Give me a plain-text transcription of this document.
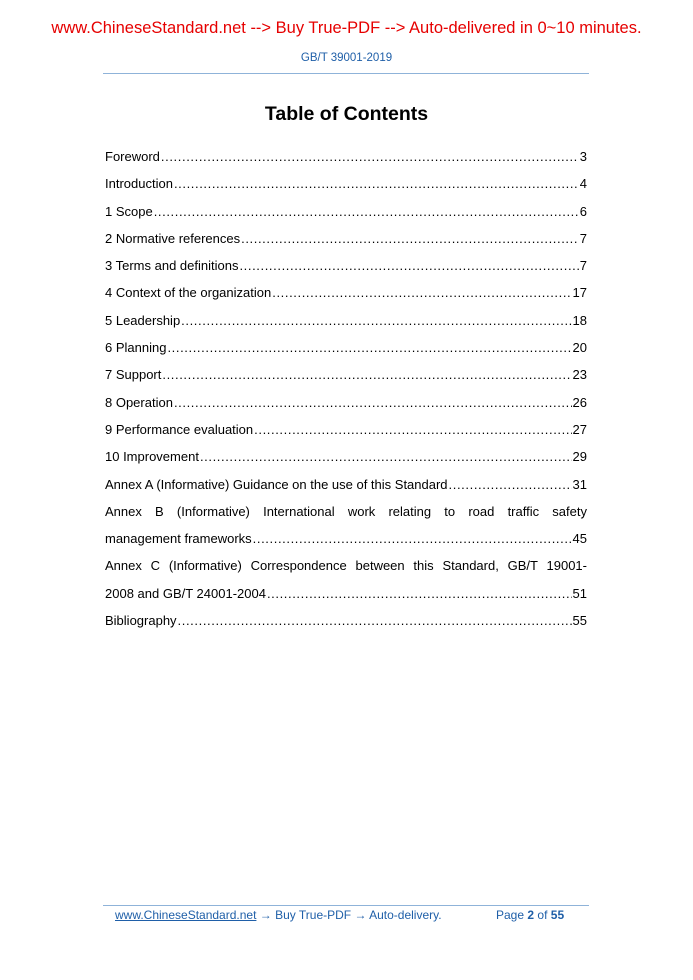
www.ChineseStandard.net --> Buy True-PDF --> Auto-delivered in 0~10 minutes.
GB/T 39001-2019
Table of Contents
Foreword .....	3
Introduction .....	4
1 Scope .....	6
2 Normative references .....	7
3 Terms and definitions .....	7
4 Context of the organization .....	17
5 Leadership .....	18
6 Planning .....	20
7 Support .....	23
8 Operation .....	26
9 Performance evaluation .....	27
10 Improvement .....	29
Annex A (Informative) Guidance on the use of this Standard .....	31
Annex B (Informative) International work relating to road traffic safety
management frameworks .....	45
Annex C (Informative) Correspondence between this Standard, GB/T 19001-
2008 and GB/T 24001-2004 .....	51
Bibliography .....	55
www.ChineseStandard.net → Buy True-PDF → Auto-delivery.	Page 2 of 55
